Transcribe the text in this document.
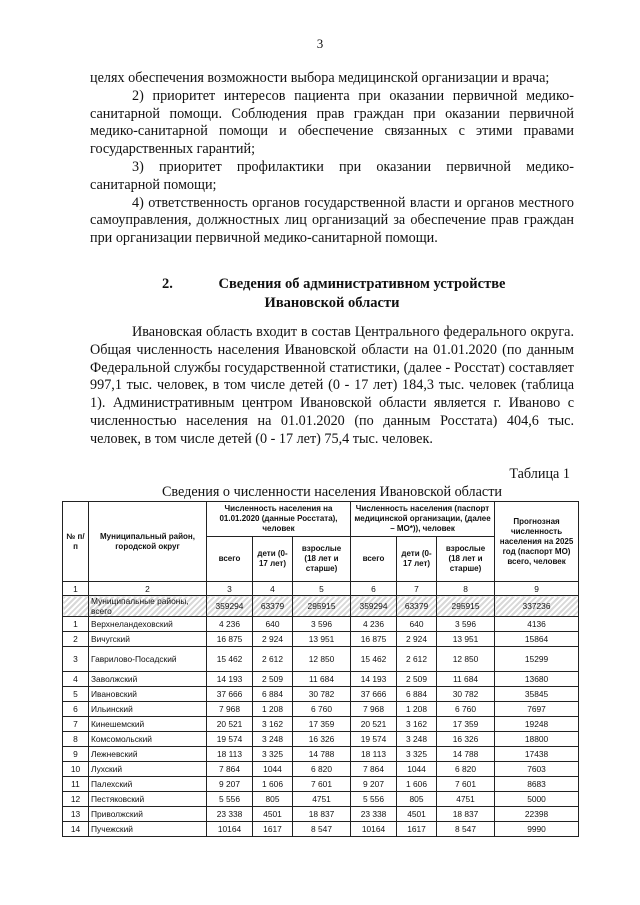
3

целях обеспечения возможности выбора медицинской организации и врача;

2) приоритет интересов пациента при оказании первичной медико-санитарной помощи. Соблюдения прав граждан при оказании первичной медико-санитарной помощи и обеспечение связанных с этими правами государственных гарантий;

3) приоритет профилактики при оказании первичной медико-санитарной помощи;

4) ответственность органов государственной власти и органов местного самоуправления, должностных лиц организаций за обеспечение прав граждан при организации первичной медико-санитарной помощи.

2.	Сведения об административном устройстве
Ивановской области

Ивановская область входит в состав Центрального федерального округа. Общая численность населения Ивановской области на 01.01.2020 (по данным Федеральной службы государственной статистики, (далее - Росстат) составляет 997,1 тыс. человек, в том числе детей (0 - 17 лет) 184,3 тыс. человек (таблица 1). Административным центром Ивановской области является г. Иваново с численностью населения на 01.01.2020 (по данным Росстата) 404,6 тыс. человек, в том числе детей (0 - 17 лет) 75,4 тыс. человек.

Таблица 1
Сведения о численности населения Ивановской области
№ п/п	Муниципальный район, городской округ	Численность населения на 01.01.2020 (данные Росстата), человек			Численность населения (паспорт медицинской организации, (далее – МО*)), человек			Прогнозная численность населения на 2025 год (паспорт МО) всего, человек
		всего	дети (0-17 лет)	взрослые (18 лет и старше)	всего	дети (0-17 лет)	взрослые (18 лет и старше)	
1	2	3	4	5	6	7	8	9
	Муниципальные районы, всего	359294	63379	295915	359294	63379	295915	337236
1	Верхнеландеховский	4 236	640	3 596	4 236	640	3 596	4136
2	Вичугский	16 875	2 924	13 951	16 875	2 924	13 951	15864
3	Гаврилово-Посадский	15 462	2 612	12 850	15 462	2 612	12 850	15299
4	Заволжский	14 193	2 509	11 684	14 193	2 509	11 684	13680
5	Ивановский	37 666	6 884	30 782	37 666	6 884	30 782	35845
6	Ильинский	7 968	1 208	6 760	7 968	1 208	6 760	7697
7	Кинешемский	20 521	3 162	17 359	20 521	3 162	17 359	19248
8	Комсомольский	19 574	3 248	16 326	19 574	3 248	16 326	18800
9	Лежневский	18 113	3 325	14 788	18 113	3 325	14 788	17438
10	Лухский	7 864	1044	6 820	7 864	1044	6 820	7603
11	Палехский	9 207	1 606	7 601	9 207	1 606	7 601	8683
12	Пестяковский	5 556	805	4751	5 556	805	4751	5000
13	Приволжский	23 338	4501	18 837	23 338	4501	18 837	22398
14	Пучежский	10164	1617	8 547	10164	1617	8 547	9990
